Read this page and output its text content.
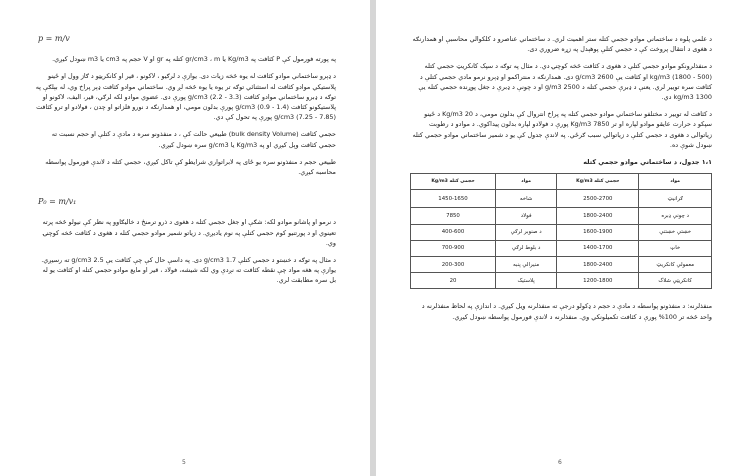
p = m/v

په پورته فورمول کې P کثافت په Kg/m3 يا gr/cm3 ، m کتله په gr او V حجم په cm3 يا m3 ښودل کيږي.

د ډېرو ساختماني موادو کثافت له يوه څخه زيات دی. يوازې د لرګيو ، لاکونو ، قير او کانکريټو د ګاز وول او ځينو پلاستيکي موادو کثافت له استثنائي توګه تر يوه يا يوه څخه لږ وي. ساختماني موادو کثافت ډېر پراخ وي، له بېلګې په توګه د ډبرو ساختماني موادو کثافت (3.3 - 2.2) g/cm3 پورې دی. عضوي موادو لکه لرګي، قير، اليف، لاکونو او پلاستيکونو کثافت (1.4 - 0.9) g/cm3 پورې بدلون مومي، او همدارنګه د نورو فلزاتو او چدن ، فولادو او ترو کثافت (7.85 - 7.25) g/cm3 پورې په تحول کې دي.

حجمي کثافت (bulk density Volume) طبيعي حالت کې ، د منفذونو سره د مادې د کتلې او حجم نسبت ته حجمي کثافت وېل کيږي او په Kg/m3 يا g/cm3 سره ښودل کيږي.

طبيعي حجم د منفذونو سره يو ځای په لابراتواري شرايطو کې تاکل کيږي، حجمي کتله د لاندې فورمول پواسطه محاسبه کيږي.

P₀ = m/v₁

د نرمو او پاشانو موادو لکه: شګې او جغل حجمي کتله د هغوی د ذرو ترمنځ د خاليګاوو په نظر کې نيولو څخه پرته تعينوي او د پورتنيو کوم حجمي کتلې په نوم ياديږي. د زياتو شمير موادو حجمي کتله د هغوی د کثافت څخه کوچنۍ وي.

د مثال په توګه د خښتو د حجمي کتلې g/cm3 1.7 دی. په داسې حال کې چې کثافت يې g/cm3 2.5 ته رسيږي. يوازې په هغه مواد چې نقطه کثافت ته نږدې وي لکه شيشه، فولاد ، قير او مايع موادو حجمي کتله او کثافت يو له بل سره مطابقت لري.

5

د علمي پلوه د ساختماني موادو حجمي کتله ستر اهميت لري. د ساختماني عناصرو د کلکوالي محاسبې او همدارنګه د هغوی د انتقال پروخت کې د حجمي کتلې پوهېدل په زړه ضروري دی.

د منفذلرونکو موادو حجمي کتلې د هغوی د کثافت څخه کوچنۍ دي. د مثال په توګه د سپک کانکريټ حجمي کتله (500 - 1800) kg/m3 او کثافت يې 2600 g/cm3 دی. همدارنګه د منتراکمو او ډېرو نرمو مادي حجمي کتلې د کثافت سره تويير لري. يعنې د ډبرې حجمي کتله د 2500 g/m3 او د چونې د ډبرې د جغل پوړنده حجمي کتله يې 1300 kg/m3 دي.

د کثافت له تويير د مختلفو ساختماني موادو حجمي کتله په پراخ انتروال کې بدلون مومي، د 20 Kg/m3 د ځينو سپکو د حرارت عايقو موادو لپاره او تر 7850 Kg/m3 پورې د فولادو لپاره بدلون پيداکوي. د موادو د رطوبت زياتوالی د هغوی د حجمي کتلې د زياتوالي سبب ګرځي. په لاندې جدول کې يو د شمير ساختماني موادو حجمي کتله ښودل شوې ده.

۱،۱ جدول، د ساختماني موادو حجمي کتله
مواد	حجمي کتله Kg/m3	مواد	حجمي کتله Kg/m3
ګرانيټ	2500-2700	شاخه	1450-1650
د چونې ډبره	1800-2400	فولاد	7850
خښتې خښتنې	1600-1900	د صنوبر لرګي	400-600
خاټ	1400-1700	د بلوط لرګي	700-900
معمولي کانکريټ	1800-2400	منيرالي پنبه	200-300
کانکريټي شلاک	1200-1800	پلاستيک	20

منفذلرنه: د منفذونو پواسطه د مادې د حجم د ډکولو درجې ته منفذلرنه ويل کيږي. د اندازې په لحاظ منفذلرنه د واحد څخه تر 100% پورې د کثافت تکميلونکي وي. منفذلرنه د لاندې فورمول پواسطه ښودل کيږي.

6
